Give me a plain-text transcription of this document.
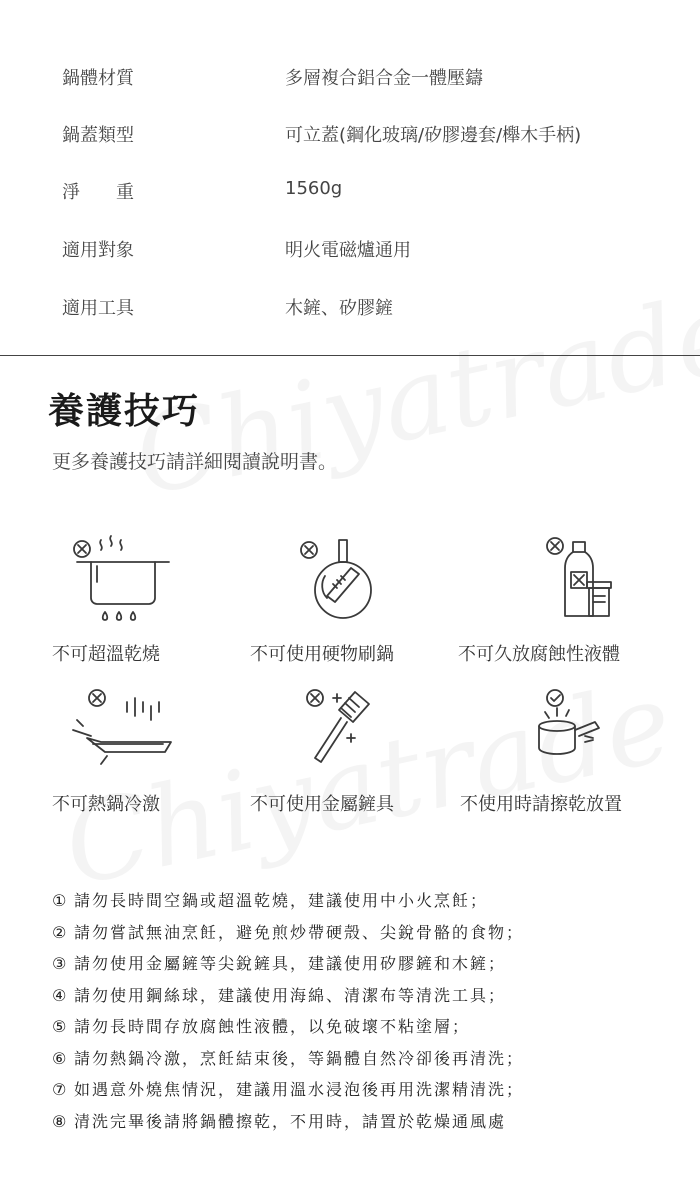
鍋體材質	多層複合鋁合金一體壓鑄
鍋蓋類型	可立蓋(鋼化玻璃/矽膠邊套/櫸木手柄)
淨　　重	1560g
適用對象	明火電磁爐通用
適用工具	木鏟、矽膠鏟
養護技巧
更多養護技巧請詳細閱讀說明書。
不可超溫乾燒	不可使用硬物刷鍋	不可久放腐蝕性液體
不可熱鍋冷激	不可使用金屬鏟具	不使用時請擦乾放置
① 請勿長時間空鍋或超溫乾燒，建議使用中小火烹飪；
② 請勿嘗試無油烹飪，避免煎炒帶硬殼、尖銳骨骼的食物；
③ 請勿使用金屬鏟等尖銳鏟具，建議使用矽膠鏟和木鏟；
④ 請勿使用鋼絲球，建議使用海綿、清潔布等清洗工具；
⑤ 請勿長時間存放腐蝕性液體，以免破壞不粘塗層；
⑥ 請勿熱鍋冷激，烹飪結束後，等鍋體自然冷卻後再清洗；
⑦ 如遇意外燒焦情況，建議用溫水浸泡後再用洗潔精清洗；
⑧ 清洗完畢後請將鍋體擦乾，不用時，請置於乾燥通風處
